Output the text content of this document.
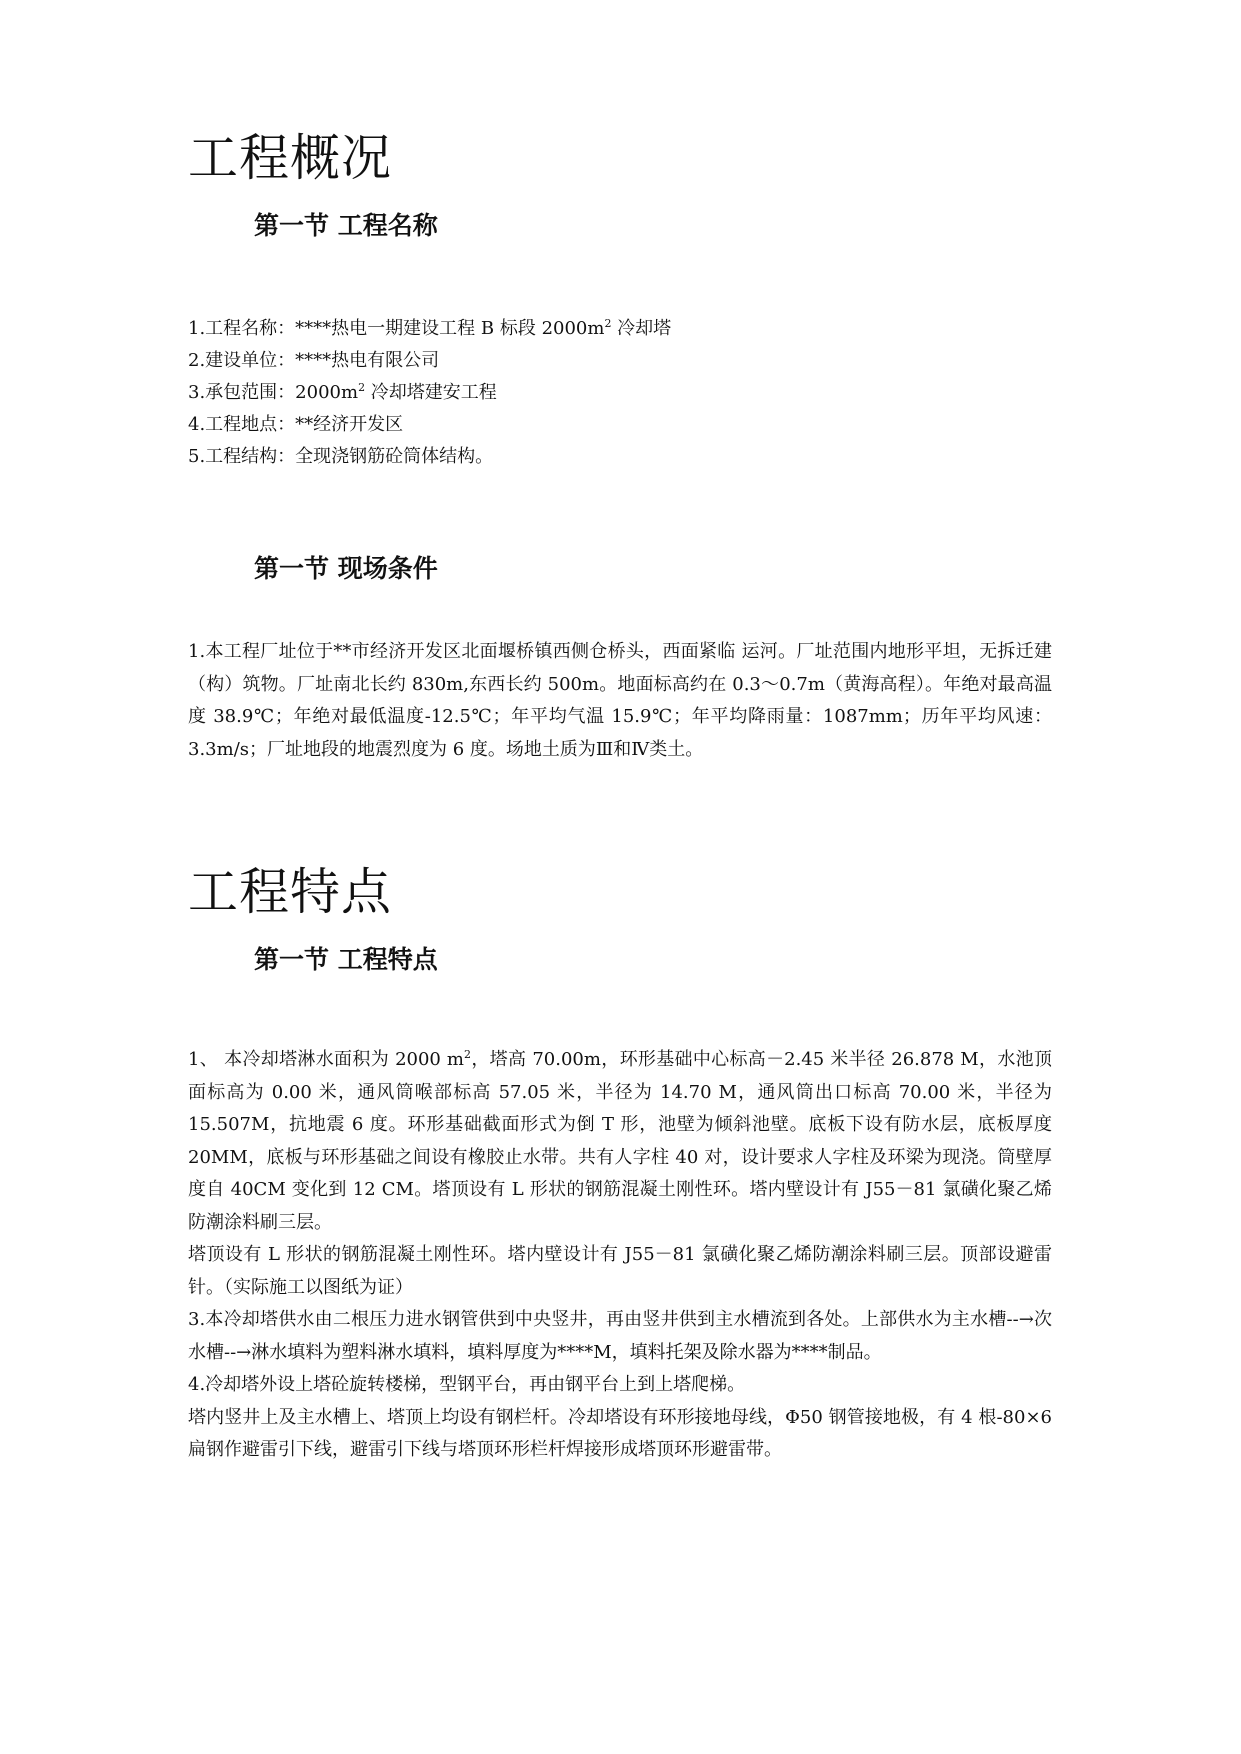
工程概况
第一节 工程名称
1.工程名称：****热电一期建设工程 B 标段 $2000m^2$ 冷却塔
2.建设单位：****热电有限公司
3.承包范围：$2000m^2$ 冷却塔建安工程
4.工程地点：**经济开发区
5.工程结构：全现浇钢筋砼筒体结构。
第一节 现场条件

1.本工程厂址位于**市经济开发区北面堰桥镇西侧仓桥头，西面紧临 运河。厂址范围内地形平坦，无拆迁建（构）筑物。厂址南北长约 830m,东西长约 500m。地面标高约在 0.3～0.7m（黄海高程）。年绝对最高温度 38.9℃；年绝对最低温度-12.5℃；年平均气温 15.9℃；年平均降雨量：1087mm；历年平均风速：3.3m/s；厂址地段的地震烈度为 6 度。场地土质为Ⅲ和Ⅳ类土。

工程特点
第一节 工程特点

1、 本冷却塔淋水面积为 2000 $m^2$，塔高 70.00m，环形基础中心标高－2.45 米半径 26.878 M，水池顶面标高为 0.00 米，通风筒喉部标高 57.05 米，半径为 14.70 M，通风筒出口标高 70.00 米，半径为 15.507M，抗地震 6 度。环形基础截面形式为倒 T 形，池壁为倾斜池壁。底板下设有防水层，底板厚度 20MM，底板与环形基础之间设有橡胶止水带。共有人字柱 40 对，设计要求人字柱及环梁为现浇。筒壁厚度自 40CM 变化到 12 CM。塔顶设有 L 形状的钢筋混凝土刚性环。塔内壁设计有 J55－81 氯磺化聚乙烯防潮涂料刷三层。

塔顶设有 L 形状的钢筋混凝土刚性环。塔内壁设计有 J55－81 氯磺化聚乙烯防潮涂料刷三层。顶部设避雷针。（实际施工以图纸为证）

3.本冷却塔供水由二根压力进水钢管供到中央竖井，再由竖井供到主水槽流到各处。上部供水为主水槽--→次水槽--→淋水填料为塑料淋水填料，填料厚度为****M，填料托架及除水器为****制品。

4.冷却塔外设上塔砼旋转楼梯，型钢平台，再由钢平台上到上塔爬梯。

塔内竖井上及主水槽上、塔顶上均设有钢栏杆。冷却塔设有环形接地母线，Φ50 钢管接地极，有 4 根-80×6 扁钢作避雷引下线，避雷引下线与塔顶环形栏杆焊接形成塔顶环形避雷带。
